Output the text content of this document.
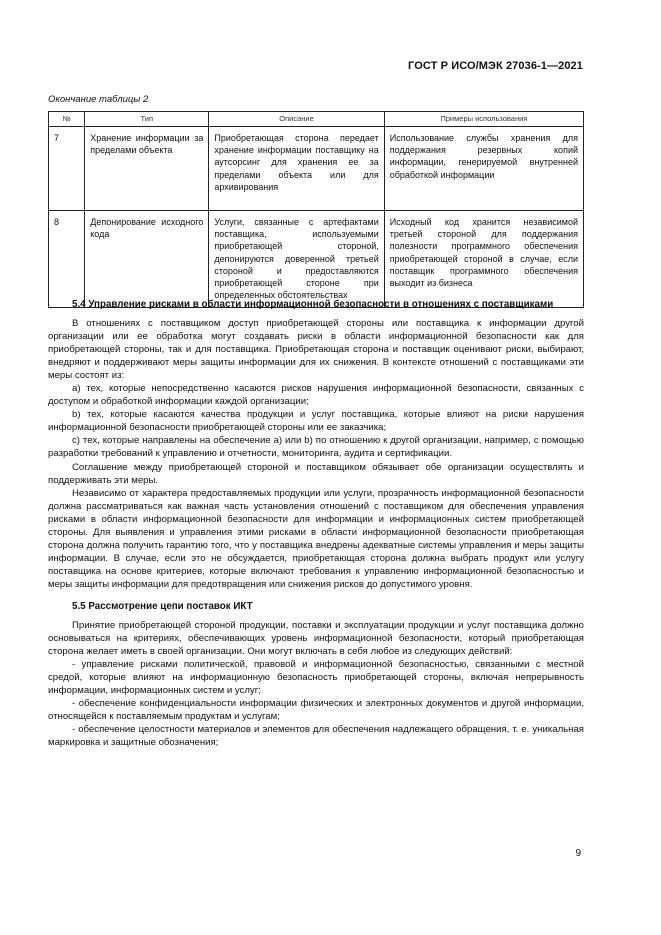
ГОСТ Р ИСО/МЭК 27036-1—2021
Окончание таблицы 2
№	Тип	Описание	Примеры использования
7	Хранение информации за пределами объекта	Приобретающая сторона передает хранение информации поставщику на аутсорсинг для хранения ее за пределами объекта или для архивирования	Использование службы хранения для поддержания резервных копий информации, генерируемой внутренней обработкой информации
8	Депонирование исходного кода	Услуги, связанные с артефактами поставщика, используемыми приобретающей стороной, депонируются доверенной третьей стороной и предоставляются приобретающей стороне при определенных обстоятельствах	Исходный код хранится независимой третьей стороной для поддержания полезности программного обеспечения приобретающей стороной в случае, если поставщик программного обеспечения выходит из бизнеса
5.4 Управление рисками в области информационной безопасности в отношениях с поставщиками

В отношениях с поставщиком доступ приобретающей стороны или поставщика к информации другой организации или ее обработка могут создавать риски в области информационной безопасности как для приобретающей стороны, так и для поставщика. Приобретающая сторона и поставщик оценивают риски, выбирают, внедряют и поддерживают меры защиты информации для их снижения. В контексте отношений с поставщиками эти меры состоят из:

a) тех, которые непосредственно касаются рисков нарушения информационной безопасности, связанных с доступом и обработкой информации каждой организации;

b) тех, которые касаются качества продукции и услуг поставщика, которые влияют на риски нарушения информационной безопасности приобретающей стороны или ее заказчика;

c) тех, которые направлены на обеспечение a) или b) по отношению к другой организации, например, с помощью разработки требований к управлению и отчетности, мониторинга, аудита и сертификации.

Соглашение между приобретающей стороной и поставщиком обязывает обе организации осуществлять и поддерживать эти меры.

Независимо от характера предоставляемых продукции или услуги, прозрачность информационной безопасности должна рассматриваться как важная часть установления отношений с поставщиком для обеспечения управления рисками в области информационной безопасности для информации и информационных систем приобретающей стороны. Для выявления и управления этими рисками в области информационной безопасности приобретающая сторона должна получить гарантию того, что у поставщика внедрены адекватные системы управления и меры защиты информации. В случае, если это не обсуждается, приобретающая сторона должна выбрать продукт или услугу поставщика на основе критериев, которые включают требования к управлению информационной безопасностью и меры защиты информации для предотвращения или снижения рисков до допустимого уровня.

5.5 Рассмотрение цепи поставок ИКТ

Принятие приобретающей стороной продукции, поставки и эксплуатации продукции и услуг поставщика должно основываться на критериях, обеспечивающих уровень информационной безопасности, который приобретающая сторона желает иметь в своей организации. Они могут включать в себя любое из следующих действий:

- управление рисками политической, правовой и информационной безопасностью, связанными с местной средой, которые влияют на информационную безопасность приобретающей стороны, включая непрерывность информации, информационных систем и услуг;

- обеспечение конфиденциальности информации физических и электронных документов и другой информации, относящейся к поставляемым продуктам и услугам;

- обеспечение целостности материалов и элементов для обеспечения надлежащего обращения, т. е. уникальная маркировка и защитные обозначения;

9
